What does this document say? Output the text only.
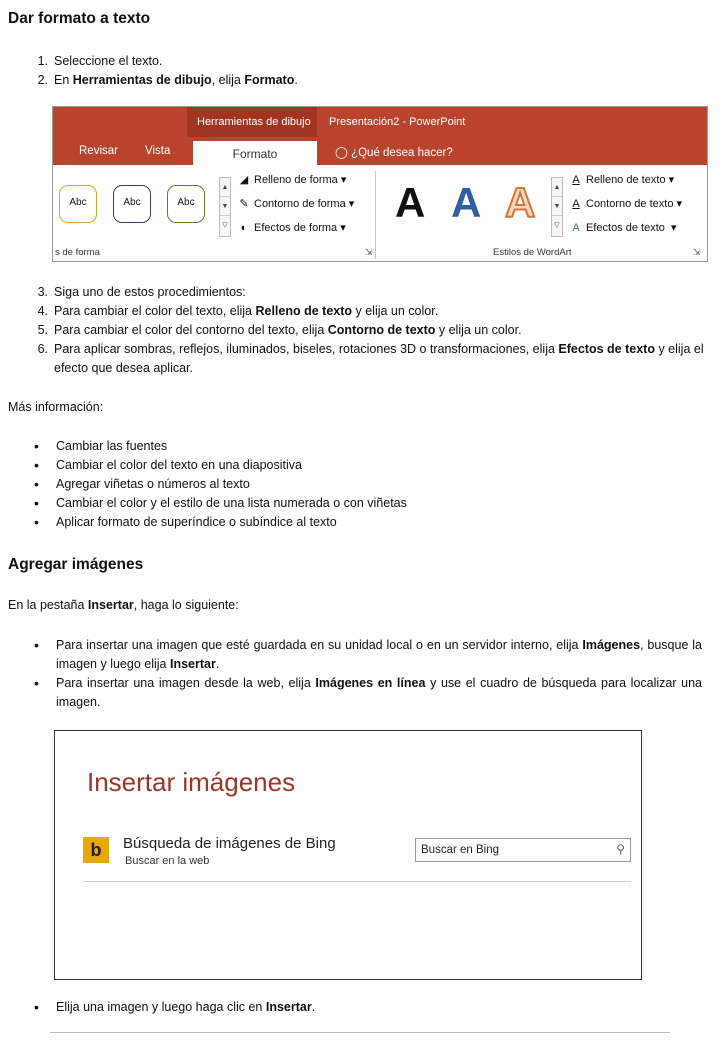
Dar formato a texto
1. Seleccione el texto.
2. En Herramientas de dibujo, elija Formato.
Herramientas de dibujo Presentación2 - PowerPoint
Revisar Vista	Formato	◯ ¿Qué desea hacer?
Abc	Abc	Abc
▲
▼
▽
◢ Relleno de forma ▾
✎ Contorno de forma ▾
◐ Efectos de forma ▾
s de forma	⇲
A A A	▲
▼
▽
A Relleno de texto ▾
A Contorno de texto ▾
A Efectos de texto ▾
Estilos de WordArt	⇲
3. Siga uno de estos procedimientos:
4. Para cambiar el color del texto, elija Relleno de texto y elija un color.
5. Para cambiar el color del contorno del texto, elija Contorno de texto y elija un color.
6. Para aplicar sombras, reflejos, iluminados, biseles, rotaciones 3D o transformaciones, elija Efectos de texto y elija el efecto que desea aplicar.
Más información:
• Cambiar las fuentes
• Cambiar el color del texto en una diapositiva
• Agregar viñetas o números al texto
• Cambiar el color y el estilo de una lista numerada o con viñetas
• Aplicar formato de superíndice o subíndice al texto
Agregar imágenes
En la pestaña Insertar, haga lo siguiente:
• Para insertar una imagen que esté guardada en su unidad local o en un servidor interno, elija Imágenes, busque la imagen y luego elija Insertar.
• Para insertar una imagen desde la web, elija Imágenes en línea y use el cuadro de búsqueda para localizar una imagen.
Insertar imágenes
b	Búsqueda de imágenes de Bing
Buscar en la web
Buscar en Bing
⚲
• Elija una imagen y luego haga clic en Insertar.
